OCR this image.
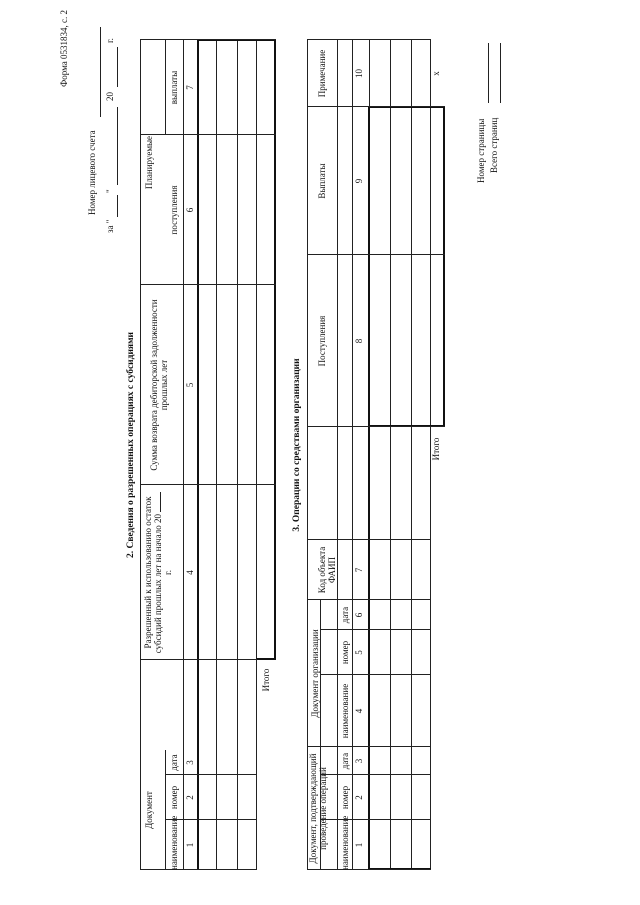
Форма 0531834, с. 2
Номер лицевого счета
за "
"
20
г.
2. Сведения о разрешенных операциях с субсидиями
Документ
наименование
номер
дата
Разрешенный к использованию остаток субсидий прошлых лет на начало 20  г.
Сумма возврата дебиторской задолженности прошлых лет
Планируемые
поступления
выплаты
1
2
3
4
5
6
7
Итого
3. Операции со средствами организации
Документ, подтверждающий проведение операций
Документ организации
наименование
номер
дата
наименование
номер
дата
Код объекта ФАИП
Поступления
Выплаты
Примечание
1
2
3
4
5
6
7
8
9
10
Итого
х
Номер страницы Всего страниц
